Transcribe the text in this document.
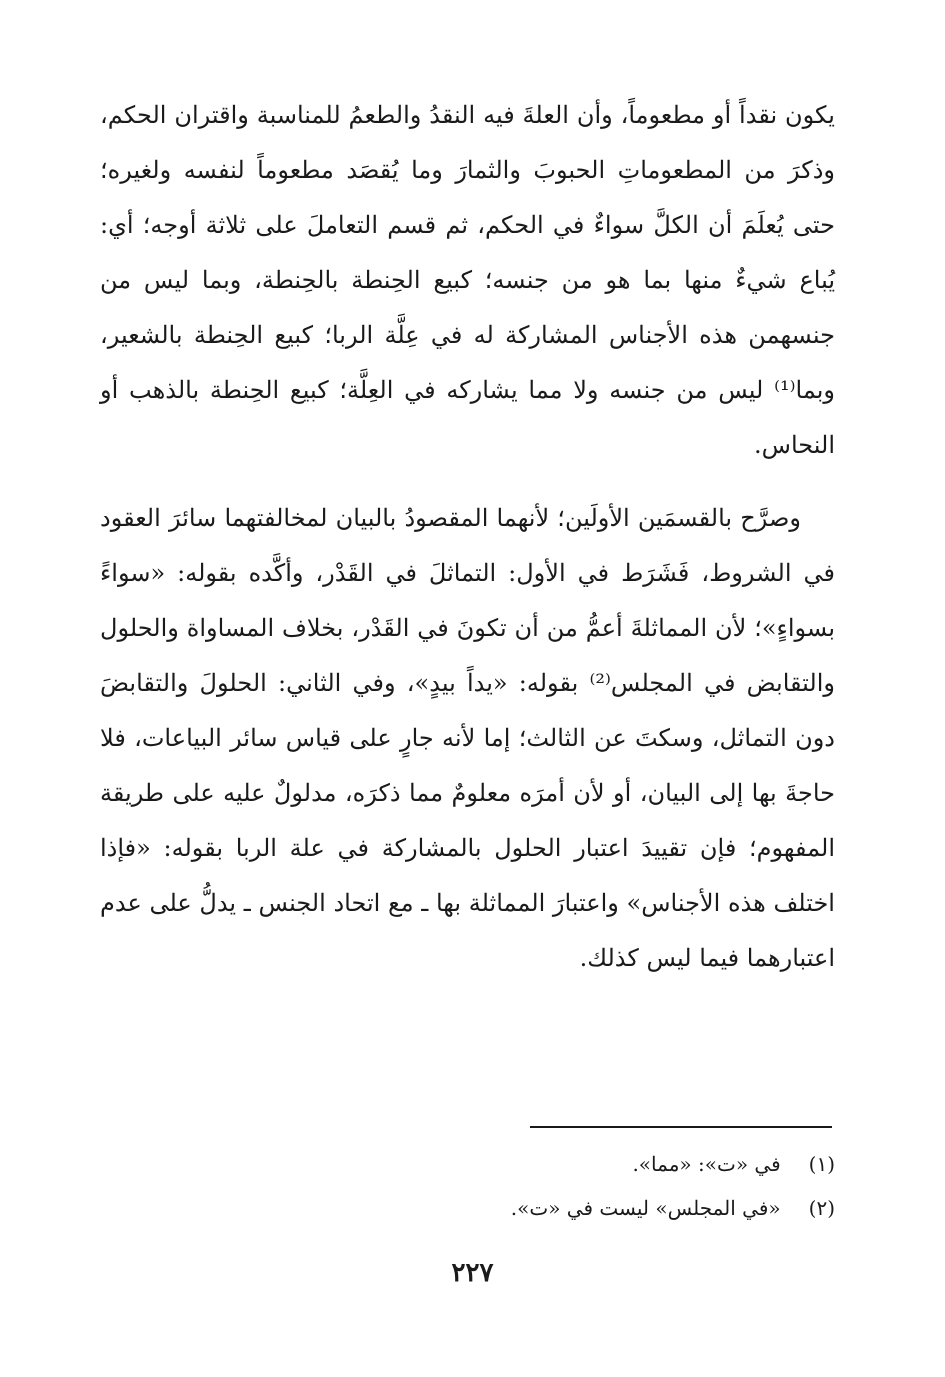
يكون نقداً أو مطعوماً، وأن العلةَ فيه النقدُ والطعمُ للمناسبة واقتران الحكم، وذكرَ من المطعوماتِ الحبوبَ والثمارَ وما يُقصَد مطعوماً لنفسه ولغيره؛ حتى يُعلَمَ أن الكلَّ سواءٌ في الحكم، ثم قسم التعاملَ على ثلاثة أوجه؛ أي: يُباع شيءٌ منها بما هو من جنسه؛ كبيع الحِنطة بالحِنطة، وبما ليس من جنسهمن هذه الأجناس المشاركة له في عِلَّة الربا؛ كبيع الحِنطة بالشعير، وبما⁽¹⁾ ليس من جنسه ولا مما يشاركه في العِلَّة؛ كبيع الحِنطة بالذهب أو النحاس.

وصرَّح بالقسمَين الأولَين؛ لأنهما المقصودُ بالبيان لمخالفتهما سائرَ العقود في الشروط، فَشَرَط في الأول: التماثلَ في القَدْر، وأكَّده بقوله: «سواءً بسواءٍ»؛ لأن المماثلةَ أعمُّ من أن تكونَ في القَدْر، بخلاف المساواة والحلول والتقابض في المجلس⁽²⁾ بقوله: «يداً بيدٍ»، وفي الثاني: الحلولَ والتقابضَ دون التماثل، وسكتَ عن الثالث؛ إما لأنه جارٍ على قياس سائر البياعات، فلا حاجةَ بها إلى البيان، أو لأن أمرَه معلومٌ مما ذكرَه، مدلولٌ عليه على طريقة المفهوم؛ فإن تقييدَ اعتبار الحلول بالمشاركة في علة الربا بقوله: «فإذا اختلف هذه الأجناس» واعتبارَ المماثلة بها ـ مع اتحاد الجنس ـ يدلُّ على عدم اعتبارهما فيما ليس كذلك.

(١) في «ت»: «مما».
(٢) «في المجلس» ليست في «ت».
٢٢٧
